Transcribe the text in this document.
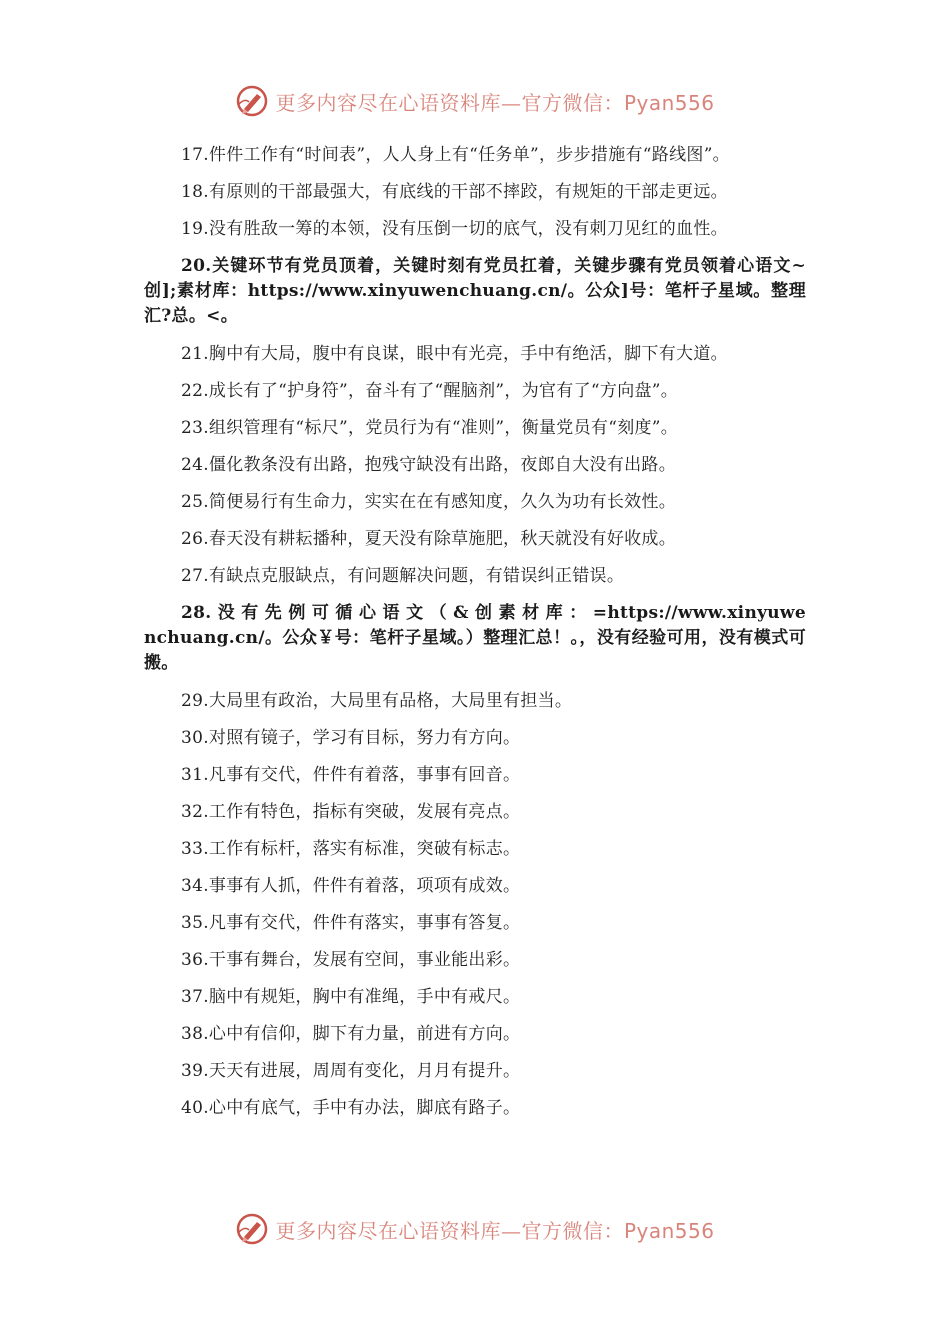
更多内容尽在心语资料库—官方微信：Pyan556

17.件件工作有“时间表”，人人身上有“任务单”，步步措施有“路线图”。

18.有原则的干部最强大，有底线的干部不摔跤，有规矩的干部走更远。

19.没有胜敌一筹的本领，没有压倒一切的底气，没有刺刀见红的血性。

20.关键环节有党员顶着，关键时刻有党员扛着，关键步骤有党员领着心语文~创];素材库：https://www.xinyuwenchuang.cn/。公众]号：笔杆子星域。整理汇?总。<。

21.胸中有大局，腹中有良谋，眼中有光亮，手中有绝活，脚下有大道。

22.成长有了“护身符”，奋斗有了“醒脑剂”，为官有了“方向盘”。

23.组织管理有“标尺”，党员行为有“准则”，衡量党员有“刻度”。

24.僵化教条没有出路，抱残守缺没有出路，夜郎自大没有出路。

25.简便易行有生命力，实实在在有感知度，久久为功有长效性。

26.春天没有耕耘播种，夏天没有除草施肥，秋天就没有好收成。

27.有缺点克服缺点，有问题解决问题，有错误纠正错误。

28. 没 有 先 例 可 循 心 语 文 （ & 创 素 材 库 ： =https://www.xinyuwenchuang.cn/。公众￥号：笔杆子星域。）整理汇总！。，没有经验可用，没有模式可搬。

29.大局里有政治，大局里有品格，大局里有担当。

30.对照有镜子，学习有目标，努力有方向。

31.凡事有交代，件件有着落，事事有回音。

32.工作有特色，指标有突破，发展有亮点。

33.工作有标杆，落实有标准，突破有标志。

34.事事有人抓，件件有着落，项项有成效。

35.凡事有交代，件件有落实，事事有答复。

36.干事有舞台，发展有空间，事业能出彩。

37.脑中有规矩，胸中有准绳，手中有戒尺。

38.心中有信仰，脚下有力量，前进有方向。

39.天天有进展，周周有变化，月月有提升。

40.心中有底气，手中有办法，脚底有路子。

更多内容尽在心语资料库—官方微信：Pyan556
